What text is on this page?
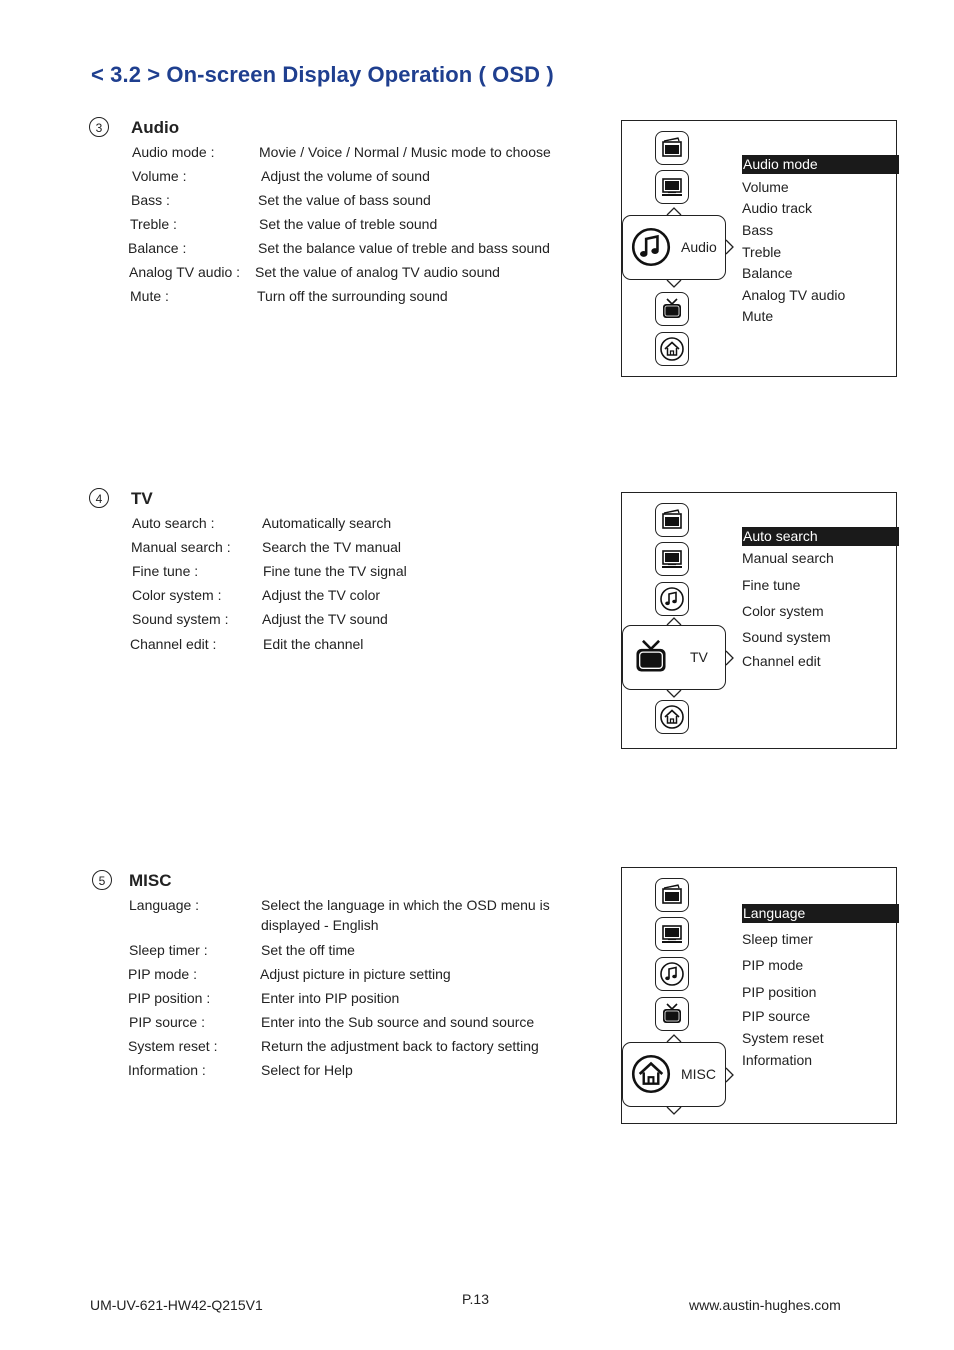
< 3.2 > On-screen Display Operation ( OSD )
3	Audio
Audio mode :	Movie / Voice / Normal / Music mode to choose
Volume :	Adjust the volume of sound
Bass :	Set the value of bass sound
Treble :	Set the value of treble sound
Balance :	Set the balance value of treble and bass sound
Analog TV audio : Set the value of analog TV audio sound
Mute :	Turn off the surrounding sound
Audio
Audio mode
Volume
Audio track
Bass
Treble
Balance
Analog TV audio
Mute
4	TV
Auto search :	Automatically search
Manual search : Search the TV manual
Fine tune :	Fine tune the TV signal
Color system :	Adjust the TV color
Sound system : Adjust the TV sound
Channel edit :	Edit the channel
TV
Auto search
Manual search
Fine tune
Color system
Sound system
Channel edit
5	MISC
Language :	Select the language in which the OSD menu is displayed - English
Sleep timer :	Set the off time
PIP mode :	Adjust picture in picture setting
PIP position :	Enter into PIP position
PIP source :	Enter into the Sub source and sound source
System reset :	Return the adjustment back to factory setting
Information :	Select for Help	MISC
Language
Sleep timer
PIP mode
PIP position
PIP source
System reset
Information
UM-UV-621-HW42-Q215V1	P.13	www.austin-hughes.com
